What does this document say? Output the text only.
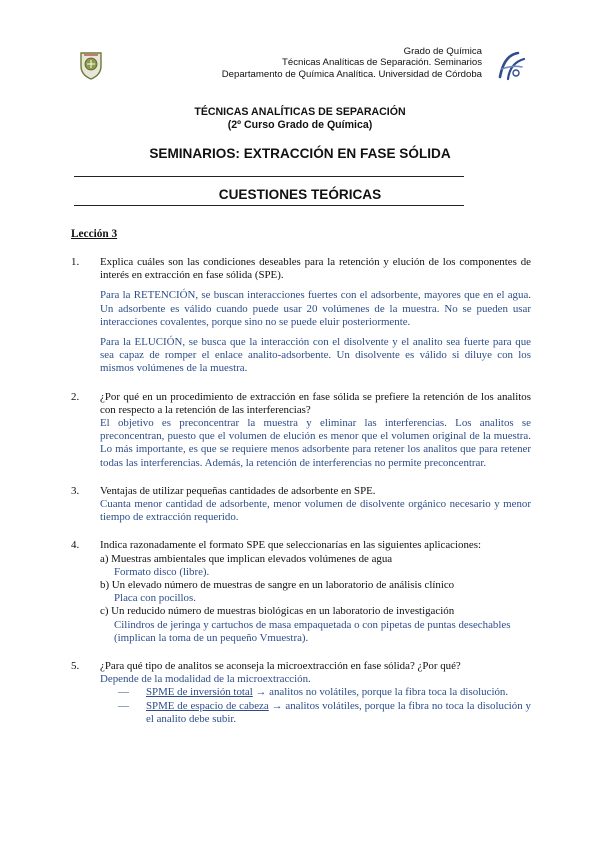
Grado de Química
Técnicas Analíticas de Separación. Seminarios
Departamento de Química Analítica. Universidad de Córdoba
TÉCNICAS ANALÍTICAS DE SEPARACIÓN
(2º Curso Grado de Química)
SEMINARIOS: EXTRACCIÓN EN FASE SÓLIDA
CUESTIONES TEÓRICAS
Lección 3
1. Explica cuáles son las condiciones deseables para la retención y elución de los componentes de interés en extracción en fase sólida (SPE).
Para la RETENCIÓN, se buscan interacciones fuertes con el adsorbente, mayores que en el agua. Un adsorbente es válido cuando puede usar 20 volúmenes de la muestra. No se pueden usar interacciones covalentes, porque sino no se puede eluir posteriormente.
Para la ELUCIÓN, se busca que la interacción con el disolvente y el analito sea fuerte para que sea capaz de romper el enlace analito-adsorbente. Un disolvente es válido si diluye con los mismos volúmenes de la muestra.
2. ¿Por qué en un procedimiento de extracción en fase sólida se prefiere la retención de los analitos con respecto a la retención de las interferencias?
El objetivo es preconcentrar la muestra y eliminar las interferencias. Los analitos se preconcentran, puesto que el volumen de elución es menor que el volumen original de la muestra. Lo más importante, es que se requiere menos adsorbente para retener los analitos que para retener todas las interferencias. Además, la retención de interferencias no permite preconcentrar.
3. Ventajas de utilizar pequeñas cantidades de adsorbente en SPE.
Cuanta menor cantidad de adsorbente, menor volumen de disolvente orgánico necesario y menor tiempo de extracción requerido.
4. Indica razonadamente el formato SPE que seleccionarías en las siguientes aplicaciones:
a) Muestras ambientales que implican elevados volúmenes de agua
Formato disco (libre).
b) Un elevado número de muestras de sangre en un laboratorio de análisis clínico
Placa con pocillos.
c) Un reducido número de muestras biológicas en un laboratorio de investigación
Cilindros de jeringa y cartuchos de masa empaquetada o con pipetas de puntas desechables (implican la toma de un pequeño Vmuestra).
5. ¿Para qué tipo de analitos se aconseja la microextracción en fase sólida? ¿Por qué?
Depende de la modalidad de la microextracción.
— SPME de inversión total → analitos no volátiles, porque la fibra toca la disolución.
— SPME de espacio de cabeza → analitos volátiles, porque la fibra no toca la disolución y el analito debe subir.
